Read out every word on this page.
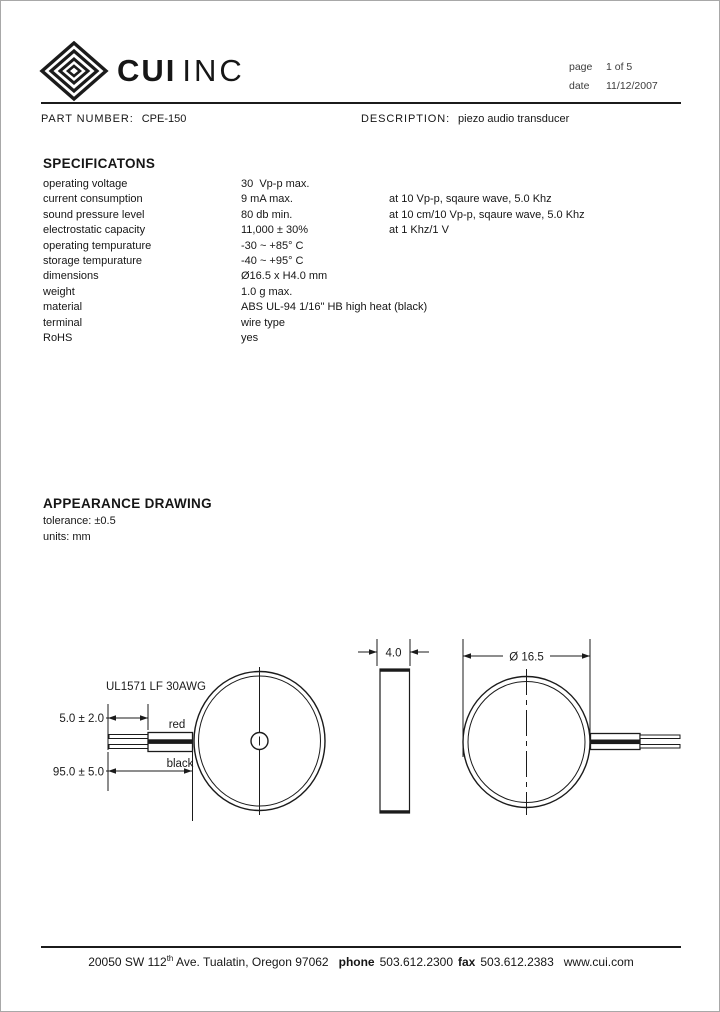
CUI INC	page 1 of 5
date 11/12/2007
PART NUMBER: CPE-150	DESCRIPTION: piezo audio transducer
SPECIFICATONS
operating voltage	30  Vp-p max.
current consumption	9 mA max.	at 10 Vp-p, sqaure wave, 5.0 Khz
sound pressure level	80 db min.	at 10 cm/10 Vp-p, sqaure wave, 5.0 Khz
electrostatic capacity	11,000 ± 30%	at 1 Khz/1 V
operating tempurature	-30 ~ +85° C
storage tempurature	-40 ~ +95° C
dimensions	Ø16.5 x H4.0 mm
weight	1.0 g max.
material	ABS UL-94 1/16" HB high heat (black)
terminal	wire type
RoHS	yes
APPEARANCE DRAWING
tolerance: ±0.5
units: mm
5.0 ± 2.0
95.0 ± 5.0
UL1571 LF 30AWG
red
black
4.0	Ø 16.5
20050 SW 112th Ave. Tualatin, Oregon 97062 phone 503.612.2300 fax 503.612.2383 www.cui.com
